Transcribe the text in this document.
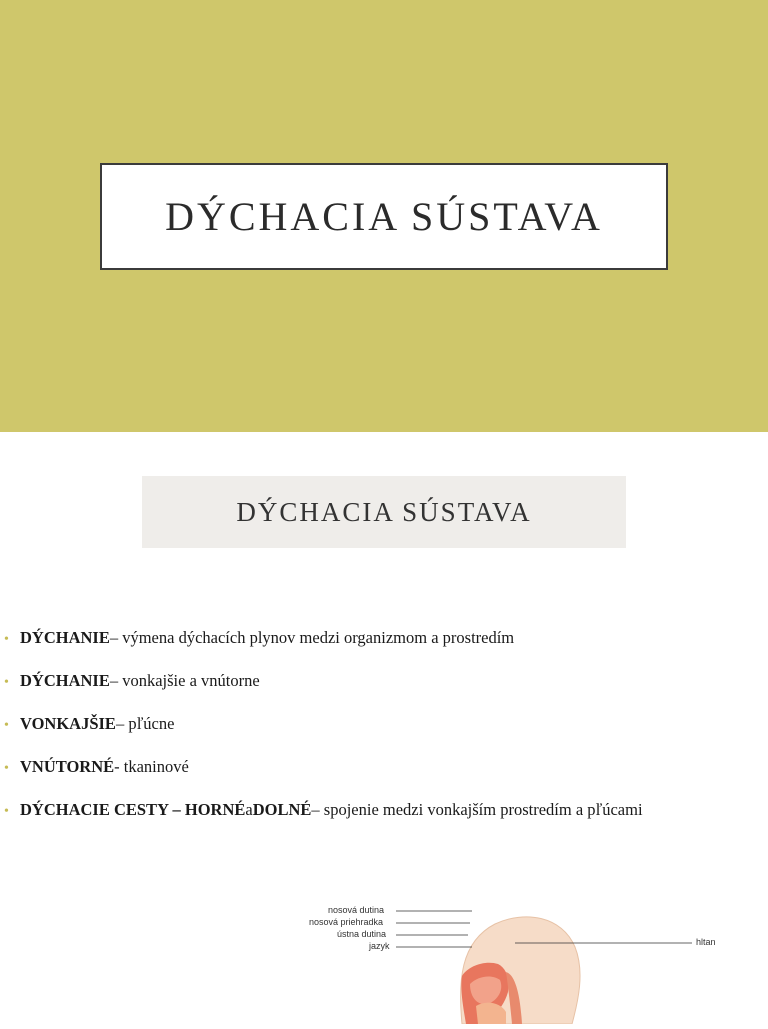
DÝCHACIA SÚSTAVA
DÝCHACIA SÚSTAVA
• DÝCHANIE – výmena dýchacích plynov medzi organizmom a prostredím
• DÝCHANIE – vonkajšie a vnútorne
• VONKAJŠIE – pľúcne
• VNÚTORNÉ - tkaninové
• DÝCHACIE CESTY – HORNÉ a DOLNÉ – spojenie medzi vonkajším prostredím a pľúcami
nosová dutina
nosová priehradka
ústna dutina
jazyk	hltan
